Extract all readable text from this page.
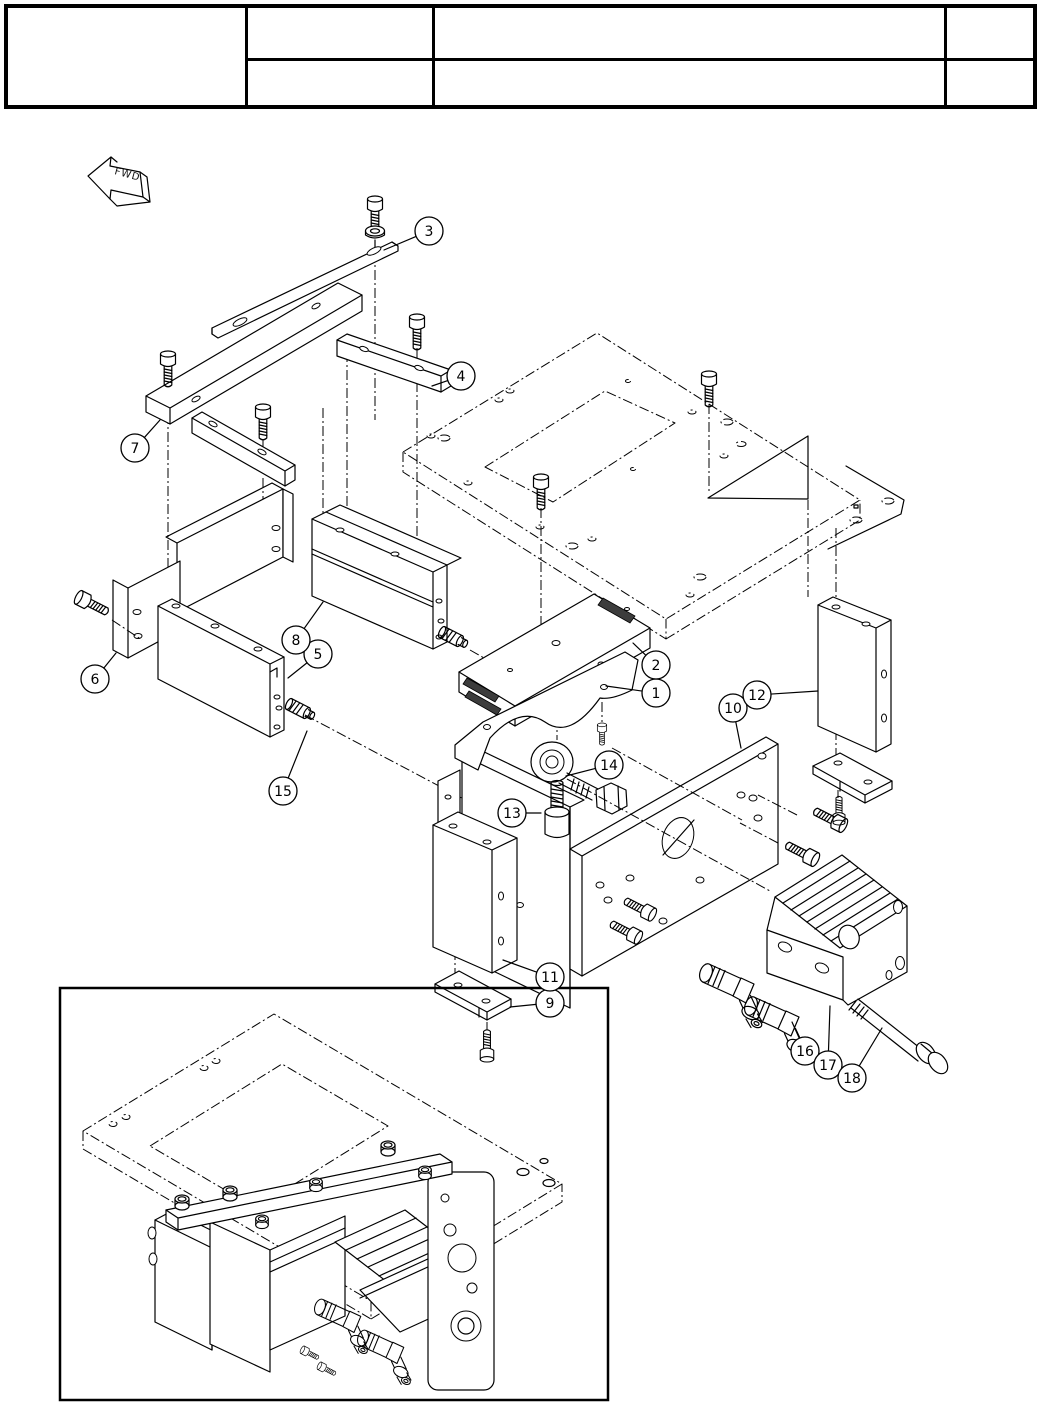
FWD
1
2
3
4
5
6
7
8
9
10
11
12
13
14
15
16
17
18
